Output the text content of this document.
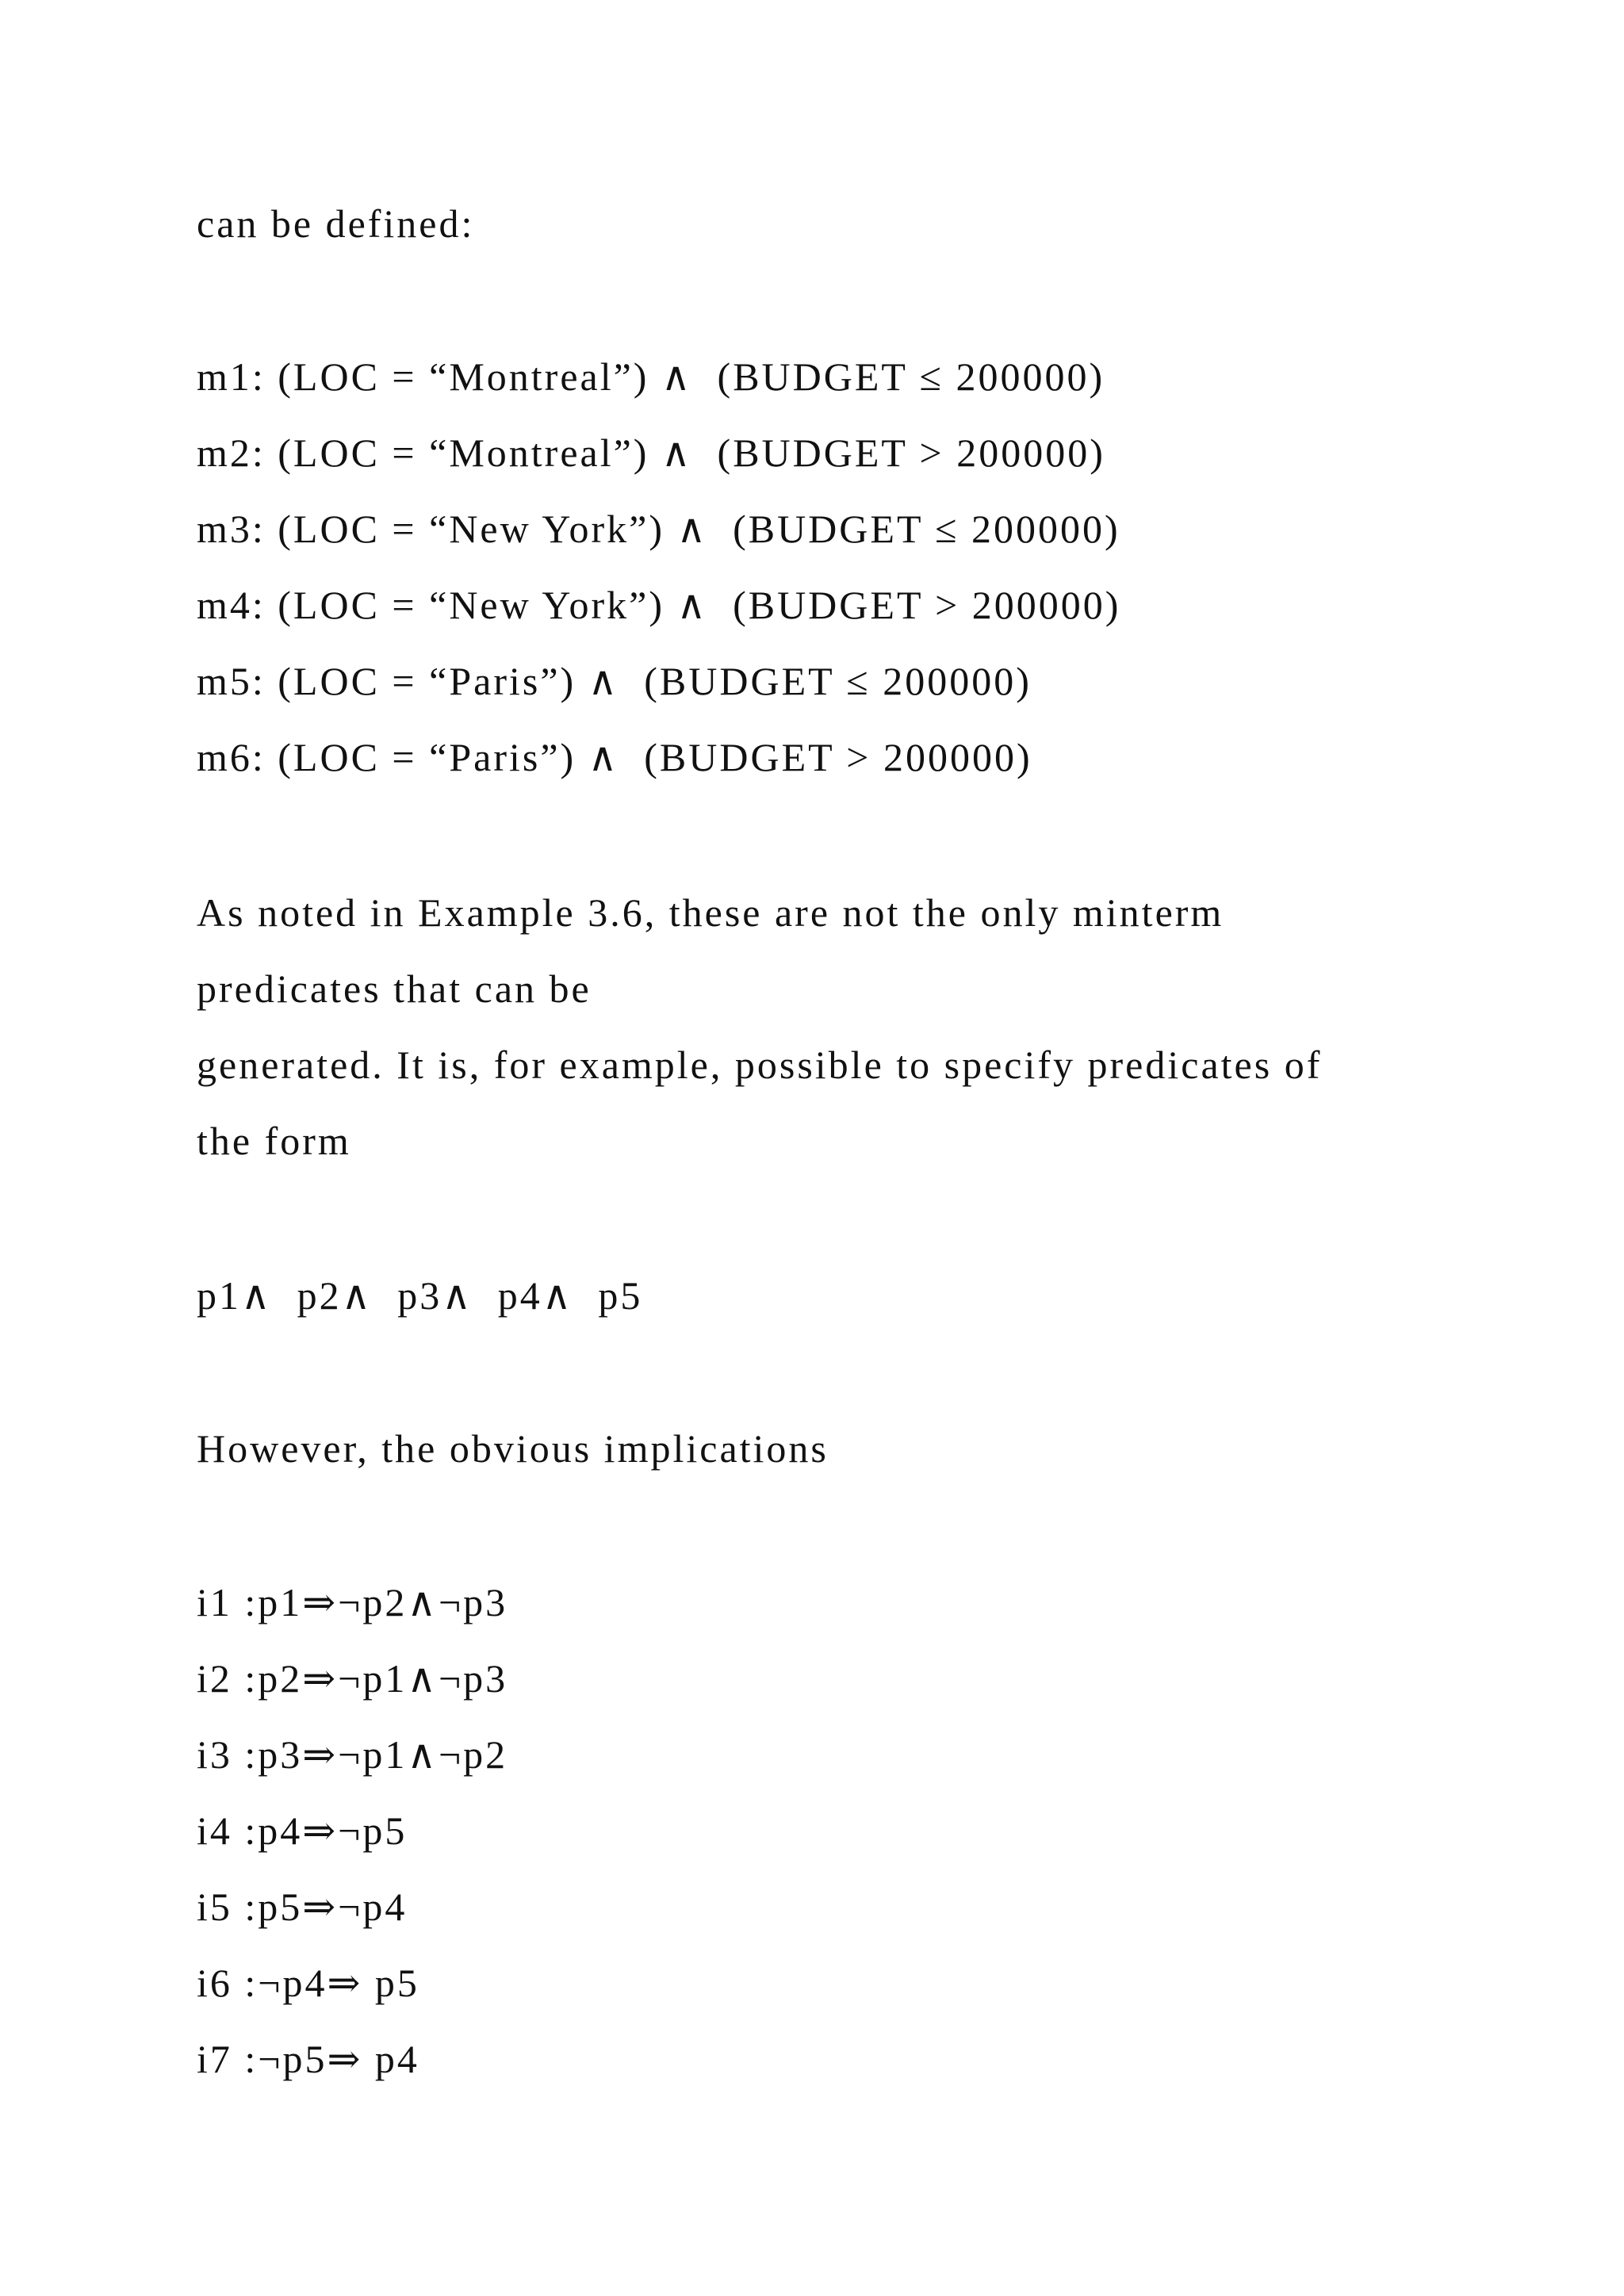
can be defined:
m1: (LOC = “Montreal”) ∧  (BUDGET ≤ 200000)
m2: (LOC = “Montreal”) ∧  (BUDGET > 200000)
m3: (LOC = “New York”) ∧  (BUDGET ≤ 200000)
m4: (LOC = “New York”) ∧  (BUDGET > 200000)
m5: (LOC = “Paris”) ∧  (BUDGET ≤ 200000)
m6: (LOC = “Paris”) ∧  (BUDGET > 200000)
As noted in Example 3.6, these are not the only minterm
predicates that can be
generated. It is, for example, possible to specify predicates of
the form
p1∧  p2∧  p3∧  p4∧  p5
However, the obvious implications
i1 :p1⇒¬p2∧¬p3
i2 :p2⇒¬p1∧¬p3
i3 :p3⇒¬p1∧¬p2
i4 :p4⇒¬p5
i5 :p5⇒¬p4
i6 :¬p4⇒ p5
i7 :¬p5⇒ p4
